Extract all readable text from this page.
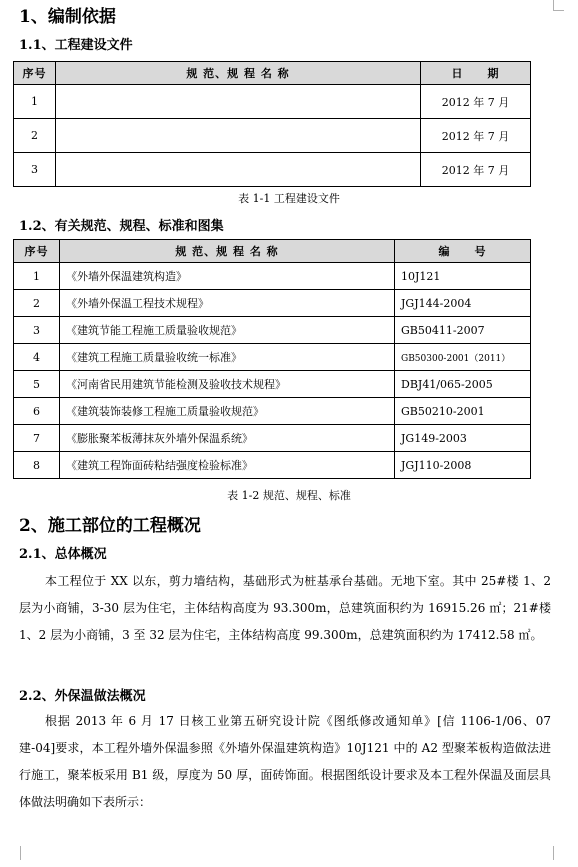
1、编制依据
1.1、工程建设文件
序号	规 范、规 程 名 称	日　　期
1		2012 年 7 月
2		2012 年 7 月
3		2012 年 7 月
表 1-1 工程建设文件
1.2、有关规范、规程、标准和图集
序号	规 范、规 程 名 称	编　　号
1	《外墙外保温建筑构造》	10J121
2	《外墙外保温工程技术规程》	JGJ144-2004
3	《建筑节能工程施工质量验收规范》	GB50411-2007
4	《建筑工程施工质量验收统一标准》	GB50300-2001（2011）
5	《河南省民用建筑节能检测及验收技术规程》	DBJ41/065-2005
6	《建筑装饰装修工程施工质量验收规范》	GB50210-2001
7	《膨胀聚苯板薄抹灰外墙外保温系统》	JG149-2003
8	《建筑工程饰面砖粘结强度检验标准》	JGJ110-2008
表 1-2 规范、规程、标准
2、施工部位的工程概况
2.1、总体概况
本工程位于 XX 以东，剪力墙结构，基础形式为桩基承台基础。无地下室。其中 25#楼 1、2 层为小商铺，3-30 层为住宅，主体结构高度为 93.300m，总建筑面积约为 16915.26 ㎡；21#楼 1、2 层为小商铺，3 至 32 层为住宅，主体结构高度 99.300m，总建筑面积约为 17412.58 ㎡。
2.2、外保温做法概况
根据 2013 年 6 月 17 日核工业第五研究设计院《图纸修改通知单》[信 1106-1/06、07 建-04]要求，本工程外墙外保温参照《外墙外保温建筑构造》10J121 中的 A2 型聚苯板构造做法进行施工，聚苯板采用 B1 级，厚度为 50 厚，面砖饰面。根据图纸设计要求及本工程外保温及面层具体做法明确如下表所示：
